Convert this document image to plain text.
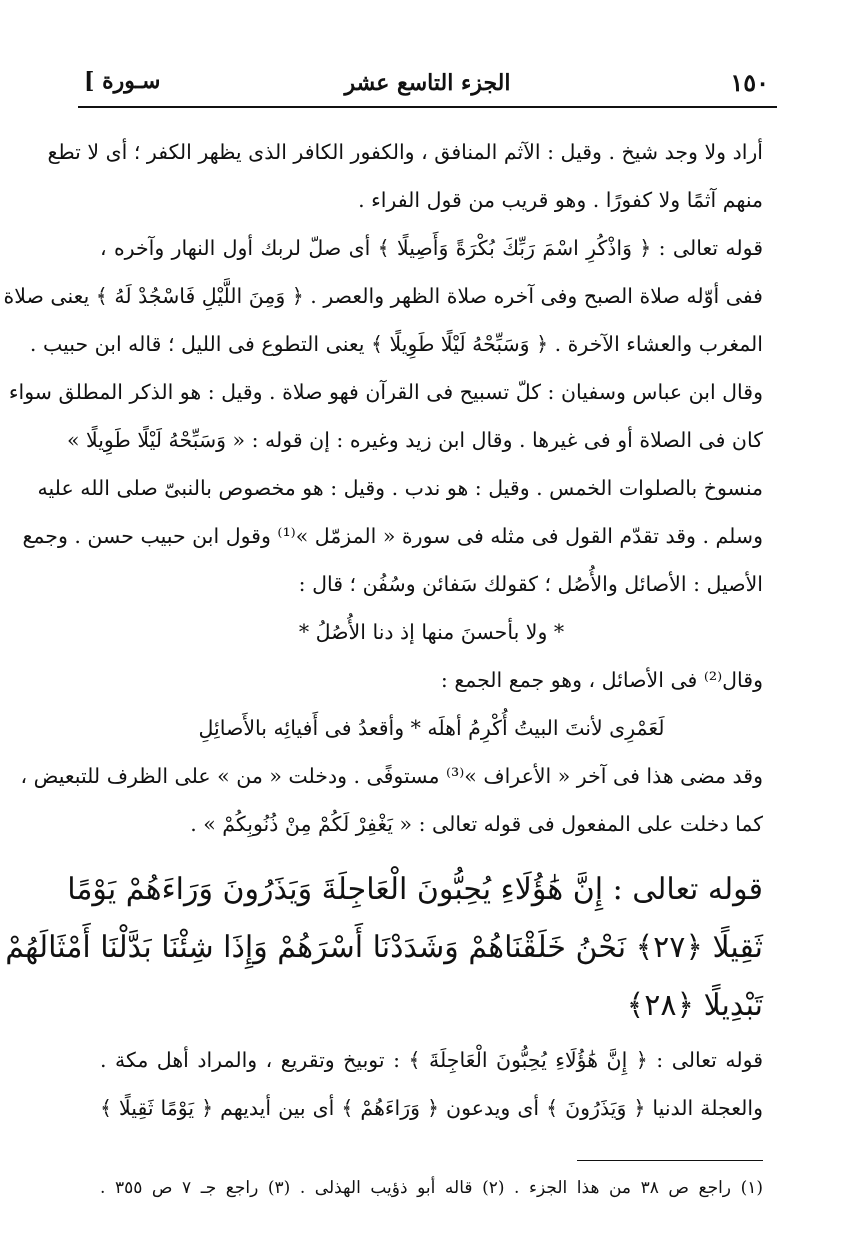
١٥٠
الجزء التاسع عشر
سـورة ]
أراد ولا وجد شيخ . وقيل : الآثم المنافق ، والكفور الكافر الذى يظهر الكفر ؛ أى لا تطع
منهم آثمًا ولا كفورًا . وهو قريب من قول الفراء .
قوله تعالى : ﴿ وَاذْكُرِ اسْمَ رَبِّكَ بُكْرَةً وَأَصِيلًا ﴾ أى صلّ لربك أول النهار وآخره ،
ففى أوّله صلاة الصبح وفى آخره صلاة الظهر والعصر . ﴿ وَمِنَ اللَّيْلِ فَاسْجُدْ لَهُ ﴾ يعنى صلاة
المغرب والعشاء الآخرة . ﴿ وَسَبِّحْهُ لَيْلًا طَوِيلًا ﴾ يعنى التطوع فى الليل ؛ قاله ابن حبيب .
وقال ابن عباس وسفيان : كلّ تسبيح فى القرآن فهو صلاة . وقيل : هو الذكر المطلق سواء
كان فى الصلاة أو فى غيرها . وقال ابن زيد وغيره : إن قوله : « وَسَبِّحْهُ لَيْلًا طَوِيلًا »
منسوخ بالصلوات الخمس . وقيل : هو ندب . وقيل : هو مخصوص بالنبىّ صلى الله عليه
وسلم . وقد تقدّم القول فى مثله فى سورة « المزمّل »⁽¹⁾ وقول ابن حبيب حسن . وجمع
الأصيل : الأصائل والأُصُل ؛ كقولك سَفائن وسُفُن ؛ قال :
* ولا بأحسنَ منها إذ دنا الأُصُلُ *
وقال⁽²⁾ فى الأصائل ، وهو جمع الجمع :
لَعَمْرِى لأنتَ البيتُ أُكْرِمُ أهلَه * وأقعدُ فى أَفيائِه بالأَصائِلِ
وقد مضى هذا فى آخر « الأعراف »⁽³⁾ مستوفًى . ودخلت « من » على الظرف للتبعيض ،
كما دخلت على المفعول فى قوله تعالى : « يَغْفِرْ لَكُمْ مِنْ ذُنُوبِكُمْ » .
قوله تعالى : إِنَّ هَٰؤُلَاءِ يُحِبُّونَ الْعَاجِلَةَ وَيَذَرُونَ وَرَاءَهُمْ يَوْمًا
ثَقِيلًا ﴿٢٧﴾ نَحْنُ خَلَقْنَاهُمْ وَشَدَدْنَا أَسْرَهُمْ وَإِذَا شِئْنَا بَدَّلْنَا أَمْثَالَهُمْ
تَبْدِيلًا ﴿٢٨﴾
قوله تعالى : ﴿ إِنَّ هَٰؤُلَاءِ يُحِبُّونَ الْعَاجِلَةَ ﴾ : توبيخ وتقريع ، والمراد أهل مكة .
والعجلة الدنيا ﴿ وَيَذَرُونَ ﴾ أى ويدعون ﴿ وَرَاءَهُمْ ﴾ أى بين أيديهم ﴿ يَوْمًا ثَقِيلًا ﴾
(١) راجع ص ٣٨ من هذا الجزء . (٢) قاله أبو ذؤيب الهذلى . (٣) راجع جـ ٧ ص ٣٥٥ .
